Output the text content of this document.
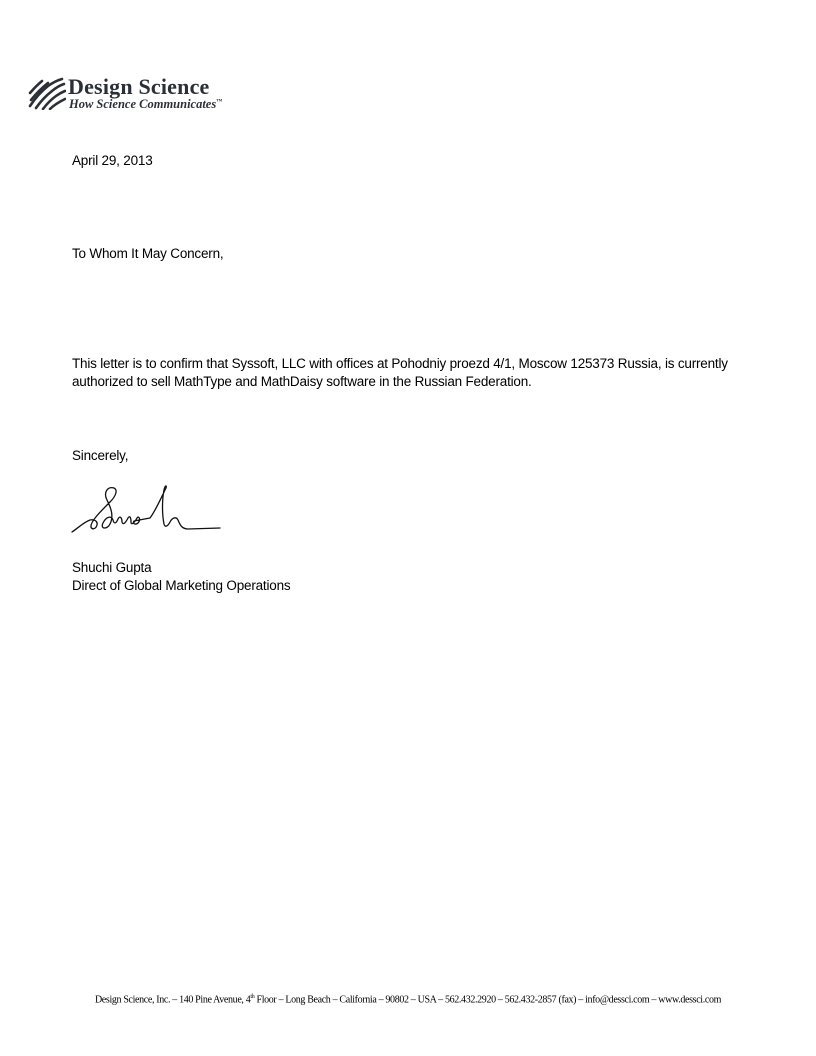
Design Science
How Science Communicates™
April 29, 2013
To Whom It May Concern,
This letter is to confirm that Syssoft, LLC with offices at Pohodniy proezd 4/1, Moscow 125373 Russia, is currently
authorized to sell MathType and MathDaisy software in the Russian Federation.
Sincerely,
Shuchi Gupta
Direct of Global Marketing Operations
Design Science, Inc. – 140 Pine Avenue, 4th Floor – Long Beach – California – 90802 – USA – 562.432.2920 – 562.432-2857 (fax) – info@dessci.com – www.dessci.com
